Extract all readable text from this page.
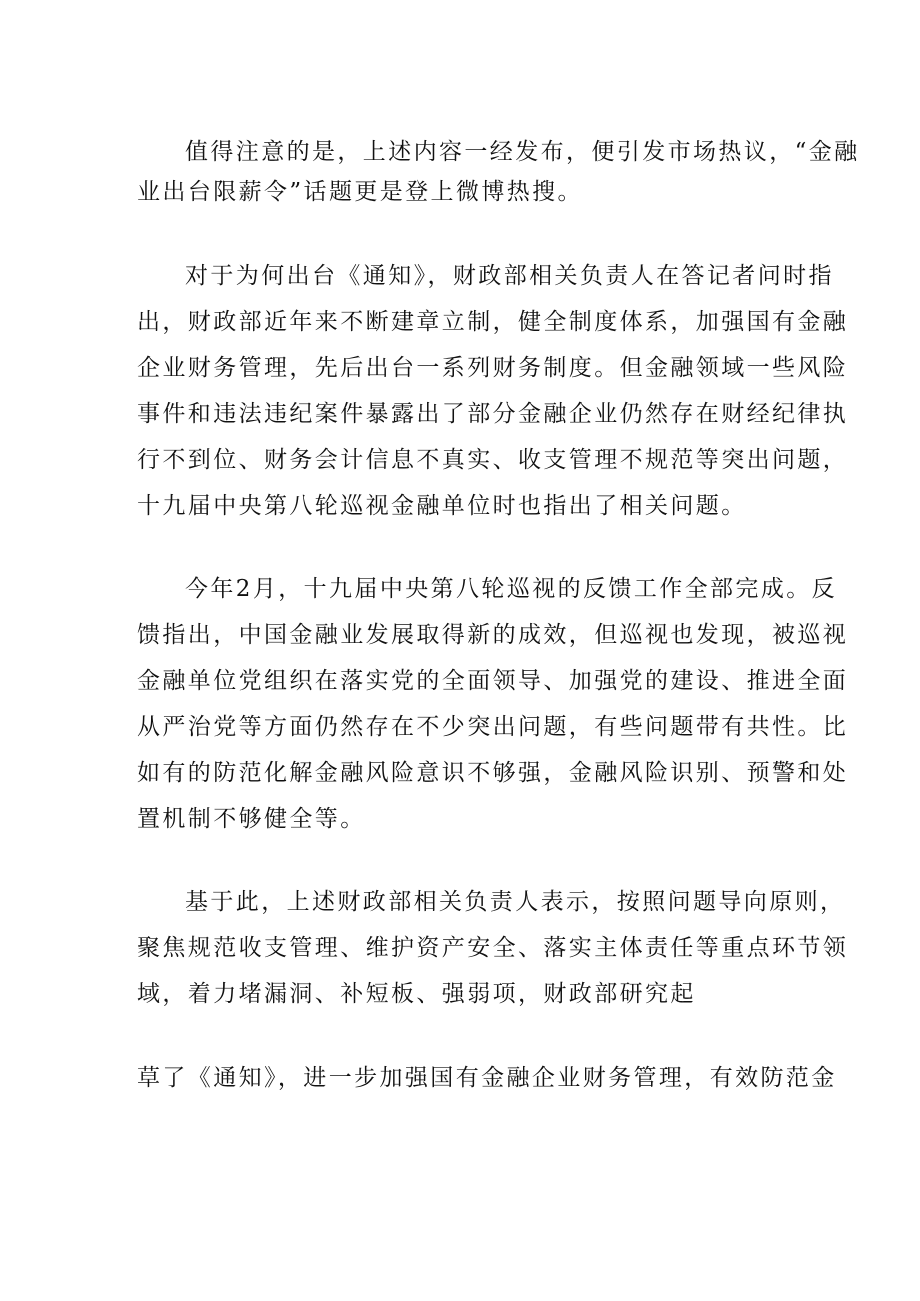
值得注意的是，上述内容一经发布，便引发市场热议，“金融
业出台限薪令”话题更是登上微博热搜。
对于为何出台《通知》，财政部相关负责人在答记者问时指
出，财政部近年来不断建章立制，健全制度体系，加强国有金融
企业财务管理，先后出台一系列财务制度。但金融领域一些风险
事件和违法违纪案件暴露出了部分金融企业仍然存在财经纪律执
行不到位、财务会计信息不真实、收支管理不规范等突出问题，
十九届中央第八轮巡视金融单位时也指出了相关问题。
今年2月，十九届中央第八轮巡视的反馈工作全部完成。反
馈指出，中国金融业发展取得新的成效，但巡视也发现，被巡视
金融单位党组织在落实党的全面领导、加强党的建设、推进全面
从严治党等方面仍然存在不少突出问题，有些问题带有共性。比
如有的防范化解金融风险意识不够强，金融风险识别、预警和处
置机制不够健全等。
基于此，上述财政部相关负责人表示，按照问题导向原则，
聚焦规范收支管理、维护资产安全、落实主体责任等重点环节领
域，着力堵漏洞、补短板、强弱项，财政部研究起
草了《通知》，进一步加强国有金融企业财务管理，有效防范金
